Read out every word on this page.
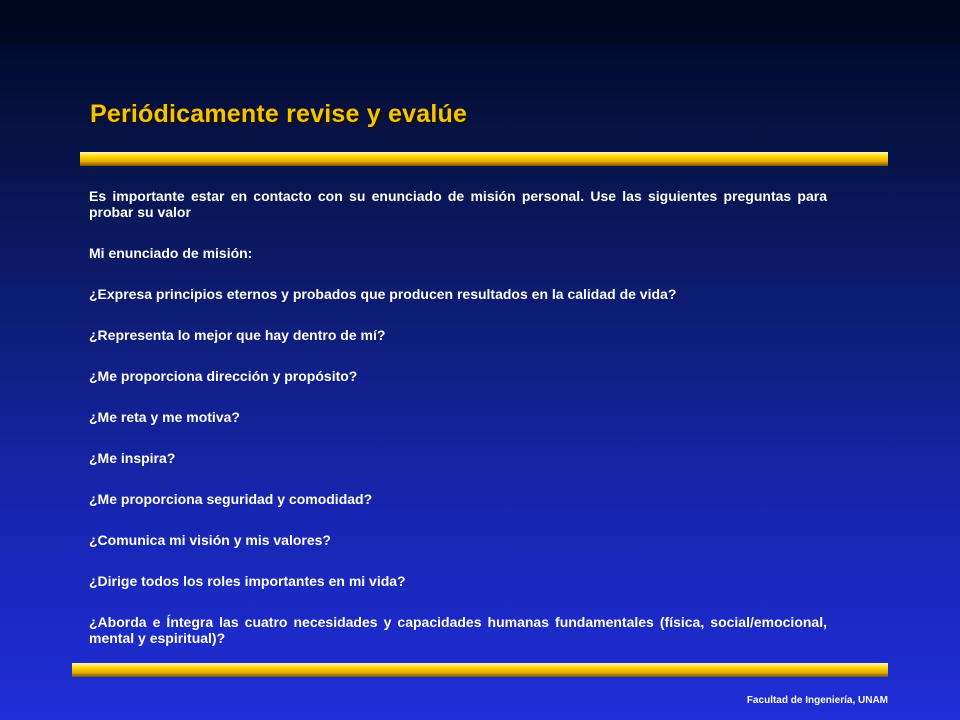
Periódicamente revise y evalúe

Es importante estar en contacto con su enunciado de misión personal. Use las siguientes preguntas para probar su valor

Mi enunciado de misión:

¿Expresa principios eternos y probados que producen resultados en la calidad de vida?

¿Representa lo mejor que hay dentro de mí?

¿Me proporciona dirección y propósito?

¿Me reta y me motiva?

¿Me inspira?

¿Me proporciona seguridad y comodidad?

¿Comunica mi visión y mis valores?

¿Dirige todos los roles importantes en mi vida?

¿Aborda e Íntegra las cuatro necesidades y capacidades humanas fundamentales (física, social/emocional, mental y espiritual)?

Facultad de Ingeniería, UNAM
